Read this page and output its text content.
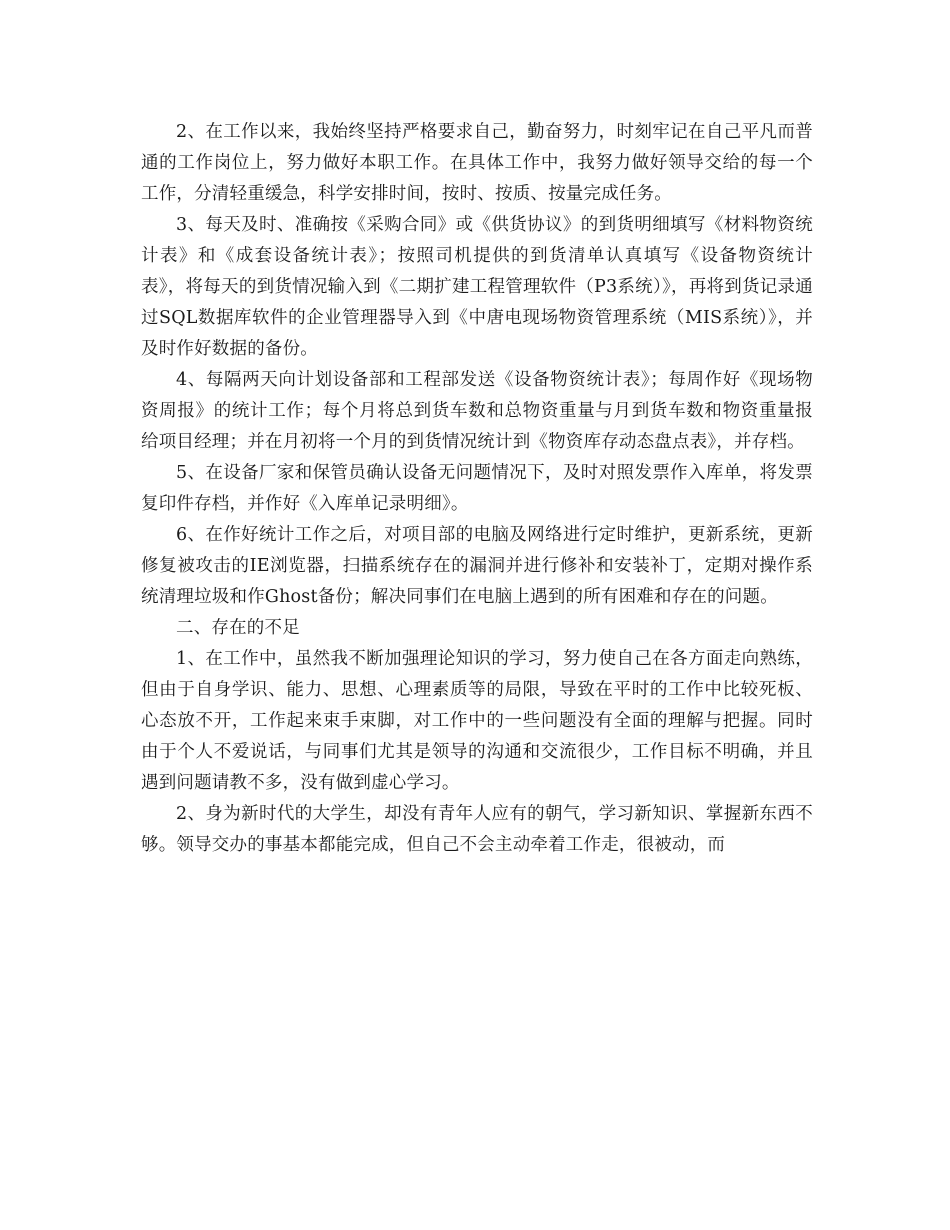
2、在工作以来，我始终坚持严格要求自己，勤奋努力，时刻牢记在自己平凡而普通的工作岗位上，努力做好本职工作。在具体工作中，我努力做好领导交给的每一个工作，分清轻重缓急，科学安排时间，按时、按质、按量完成任务。

3、每天及时、准确按《采购合同》或《供货协议》的到货明细填写《材料物资统计表》和《成套设备统计表》；按照司机提供的到货清单认真填写《设备物资统计表》，将每天的到货情况输入到《二期扩建工程管理软件（P3系统）》，再将到货记录通过SQL数据库软件的企业管理器导入到《中唐电现场物资管理系统（MIS系统）》，并及时作好数据的备份。

4、每隔两天向计划设备部和工程部发送《设备物资统计表》；每周作好《现场物资周报》的统计工作；每个月将总到货车数和总物资重量与月到货车数和物资重量报给项目经理；并在月初将一个月的到货情况统计到《物资库存动态盘点表》，并存档。

5、在设备厂家和保管员确认设备无问题情况下，及时对照发票作入库单，将发票复印件存档，并作好《入库单记录明细》。

6、在作好统计工作之后，对项目部的电脑及网络进行定时维护，更新系统，更新修复被攻击的IE浏览器，扫描系统存在的漏洞并进行修补和安装补丁，定期对操作系统清理垃圾和作Ghost备份；解决同事们在电脑上遇到的所有困难和存在的问题。

二、存在的不足

1、在工作中，虽然我不断加强理论知识的学习，努力使自己在各方面走向熟练，但由于自身学识、能力、思想、心理素质等的局限，导致在平时的工作中比较死板、心态放不开，工作起来束手束脚，对工作中的一些问题没有全面的理解与把握。同时由于个人不爱说话，与同事们尤其是领导的沟通和交流很少，工作目标不明确，并且遇到问题请教不多，没有做到虚心学习。

2、身为新时代的大学生，却没有青年人应有的朝气，学习新知识、掌握新东西不够。领导交办的事基本都能完成，但自己不会主动牵着工作走，很被动，而
